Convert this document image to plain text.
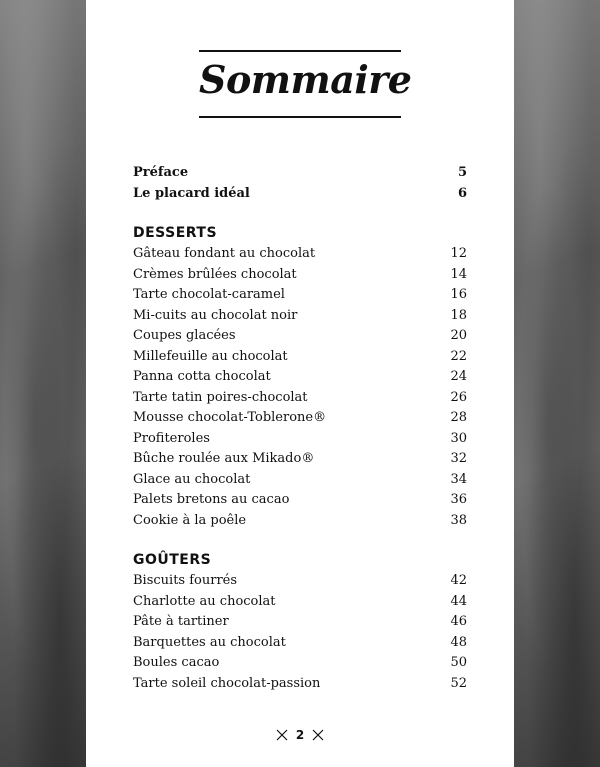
Sommaire
Préface	5
Le placard idéal	6
DESSERTS
Gâteau fondant au chocolat	12
Crèmes brûlées chocolat	14
Tarte chocolat-caramel	16
Mi-cuits au chocolat noir	18
Coupes glacées	20
Millefeuille au chocolat	22
Panna cotta chocolat	24
Tarte tatin poires-chocolat	26
Mousse chocolat-Toblerone®	28
Profiteroles	30
Bûche roulée aux Mikado®	32
Glace au chocolat	34
Palets bretons au cacao	36
Cookie à la poêle	38
GOÛTERS
Biscuits fourrés	42
Charlotte au chocolat	44
Pâte à tartiner	46
Barquettes au chocolat	48
Boules cacao	50
Tarte soleil chocolat-passion	52
2
